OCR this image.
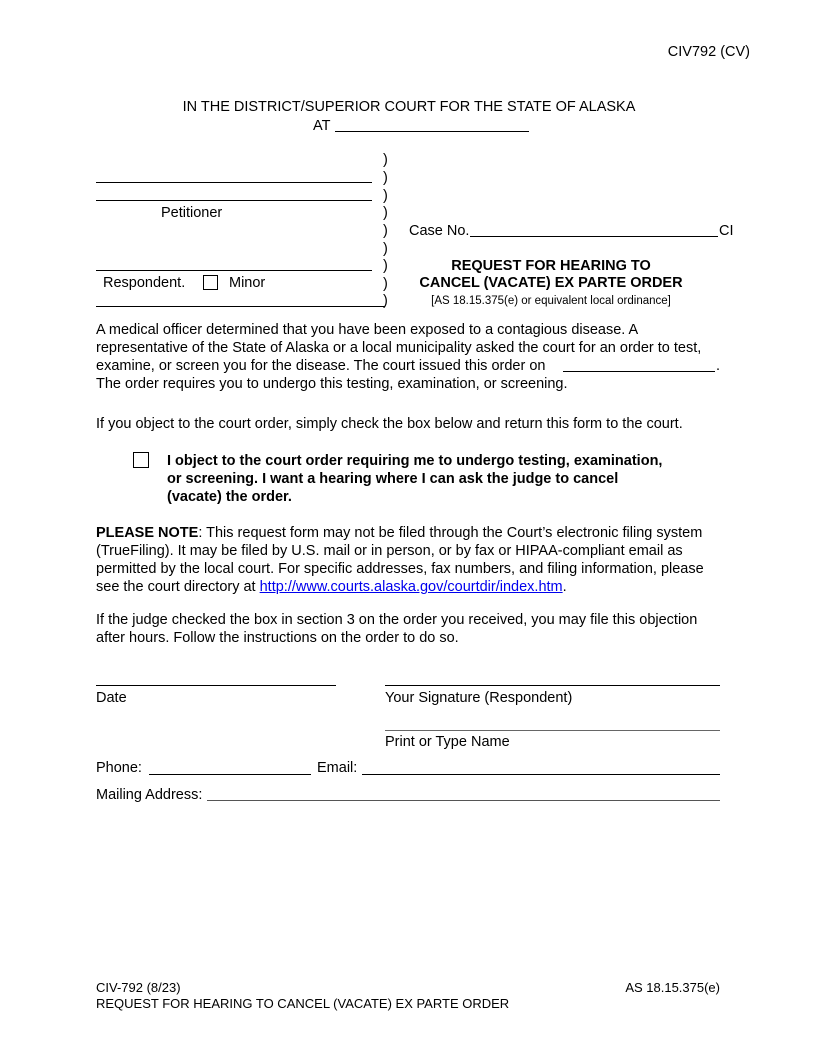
CIV792 (CV)
IN THE DISTRICT/SUPERIOR COURT FOR THE STATE OF ALASKA
AT
)
)
)
)
)
)
)
)
)
Petitioner
Respondent.	Minor
Case No.	CI
REQUEST FOR HEARING TO
CANCEL (VACATE) EX PARTE ORDER
[AS 18.15.375(e) or equivalent local ordinance]
A medical officer determined that you have been exposed to a contagious disease. A
representative of the State of Alaska or a local municipality asked the court for an order to test,
examine, or screen you for the disease. The court issued this order on	.
The order requires you to undergo this testing, examination, or screening.
If you object to the court order, simply check the box below and return this form to the court.
I object to the court order requiring me to undergo testing, examination,
or screening. I want a hearing where I can ask the judge to cancel
(vacate) the order.
PLEASE NOTE: This request form may not be filed through the Court’s electronic filing system
(TrueFiling). It may be filed by U.S. mail or in person, or by fax or HIPAA-compliant email as
permitted by the local court. For specific addresses, fax numbers, and filing information, please
see the court directory at http://www.courts.alaska.gov/courtdir/index.htm.
If the judge checked the box in section 3 on the order you received, you may file this objection
after hours. Follow the instructions on the order to do so.
Date	Your Signature (Respondent)
Print or Type Name
Phone:	Email:
Mailing Address:
CIV-792 (8/23)
REQUEST FOR HEARING TO CANCEL (VACATE) EX PARTE ORDER
AS 18.15.375(e)
